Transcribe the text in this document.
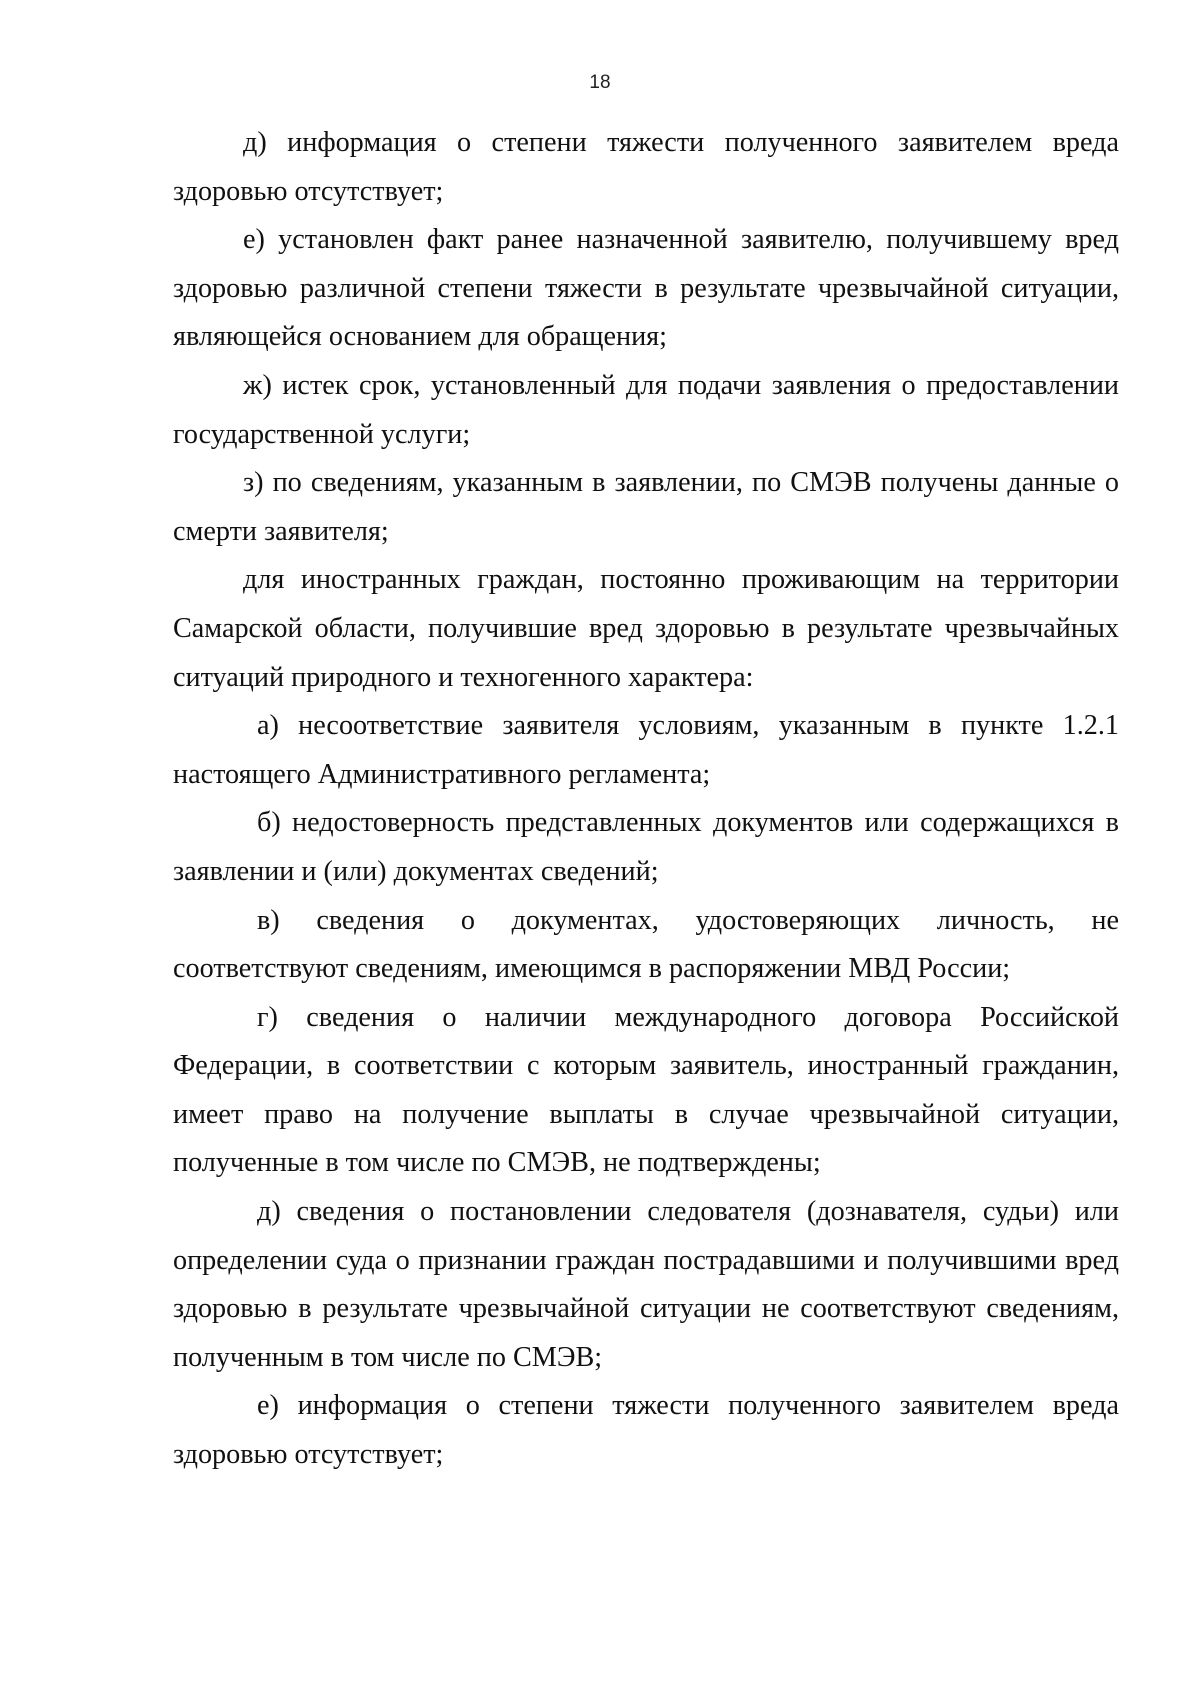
18

д) информация о степени тяжести полученного заявителем вреда здоровью отсутствует;

е) установлен факт ранее назначенной заявителю, получившему вред здоровью различной степени тяжести в результате чрезвычайной ситуации, являющейся основанием для обращения;

ж) истек срок, установленный для подачи заявления о предоставлении государственной услуги;

з) по сведениям, указанным в заявлении, по СМЭВ получены данные о смерти заявителя;

для иностранных граждан, постоянно проживающим на территории Самарской области, получившие вред здоровью в результате чрезвычайных ситуаций природного и техногенного характера:

а) несоответствие заявителя условиям, указанным в пункте 1.2.1 настоящего Административного регламента;

б) недостоверность представленных документов или содержащихся в заявлении и (или) документах сведений;

в) сведения о документах, удостоверяющих личность, не соответствуют сведениям, имеющимся в распоряжении МВД России;

г) сведения о наличии международного договора Российской Федерации, в соответствии с которым заявитель, иностранный гражданин, имеет право на получение выплаты в случае чрезвычайной ситуации, полученные в том числе по СМЭВ, не подтверждены;

д) сведения о постановлении следователя (дознавателя, судьи) или определении суда о признании граждан пострадавшими и получившими вред здоровью в результате чрезвычайной ситуации не соответствуют сведениям, полученным в том числе по СМЭВ;

е) информация о степени тяжести полученного заявителем вреда здоровью отсутствует;
